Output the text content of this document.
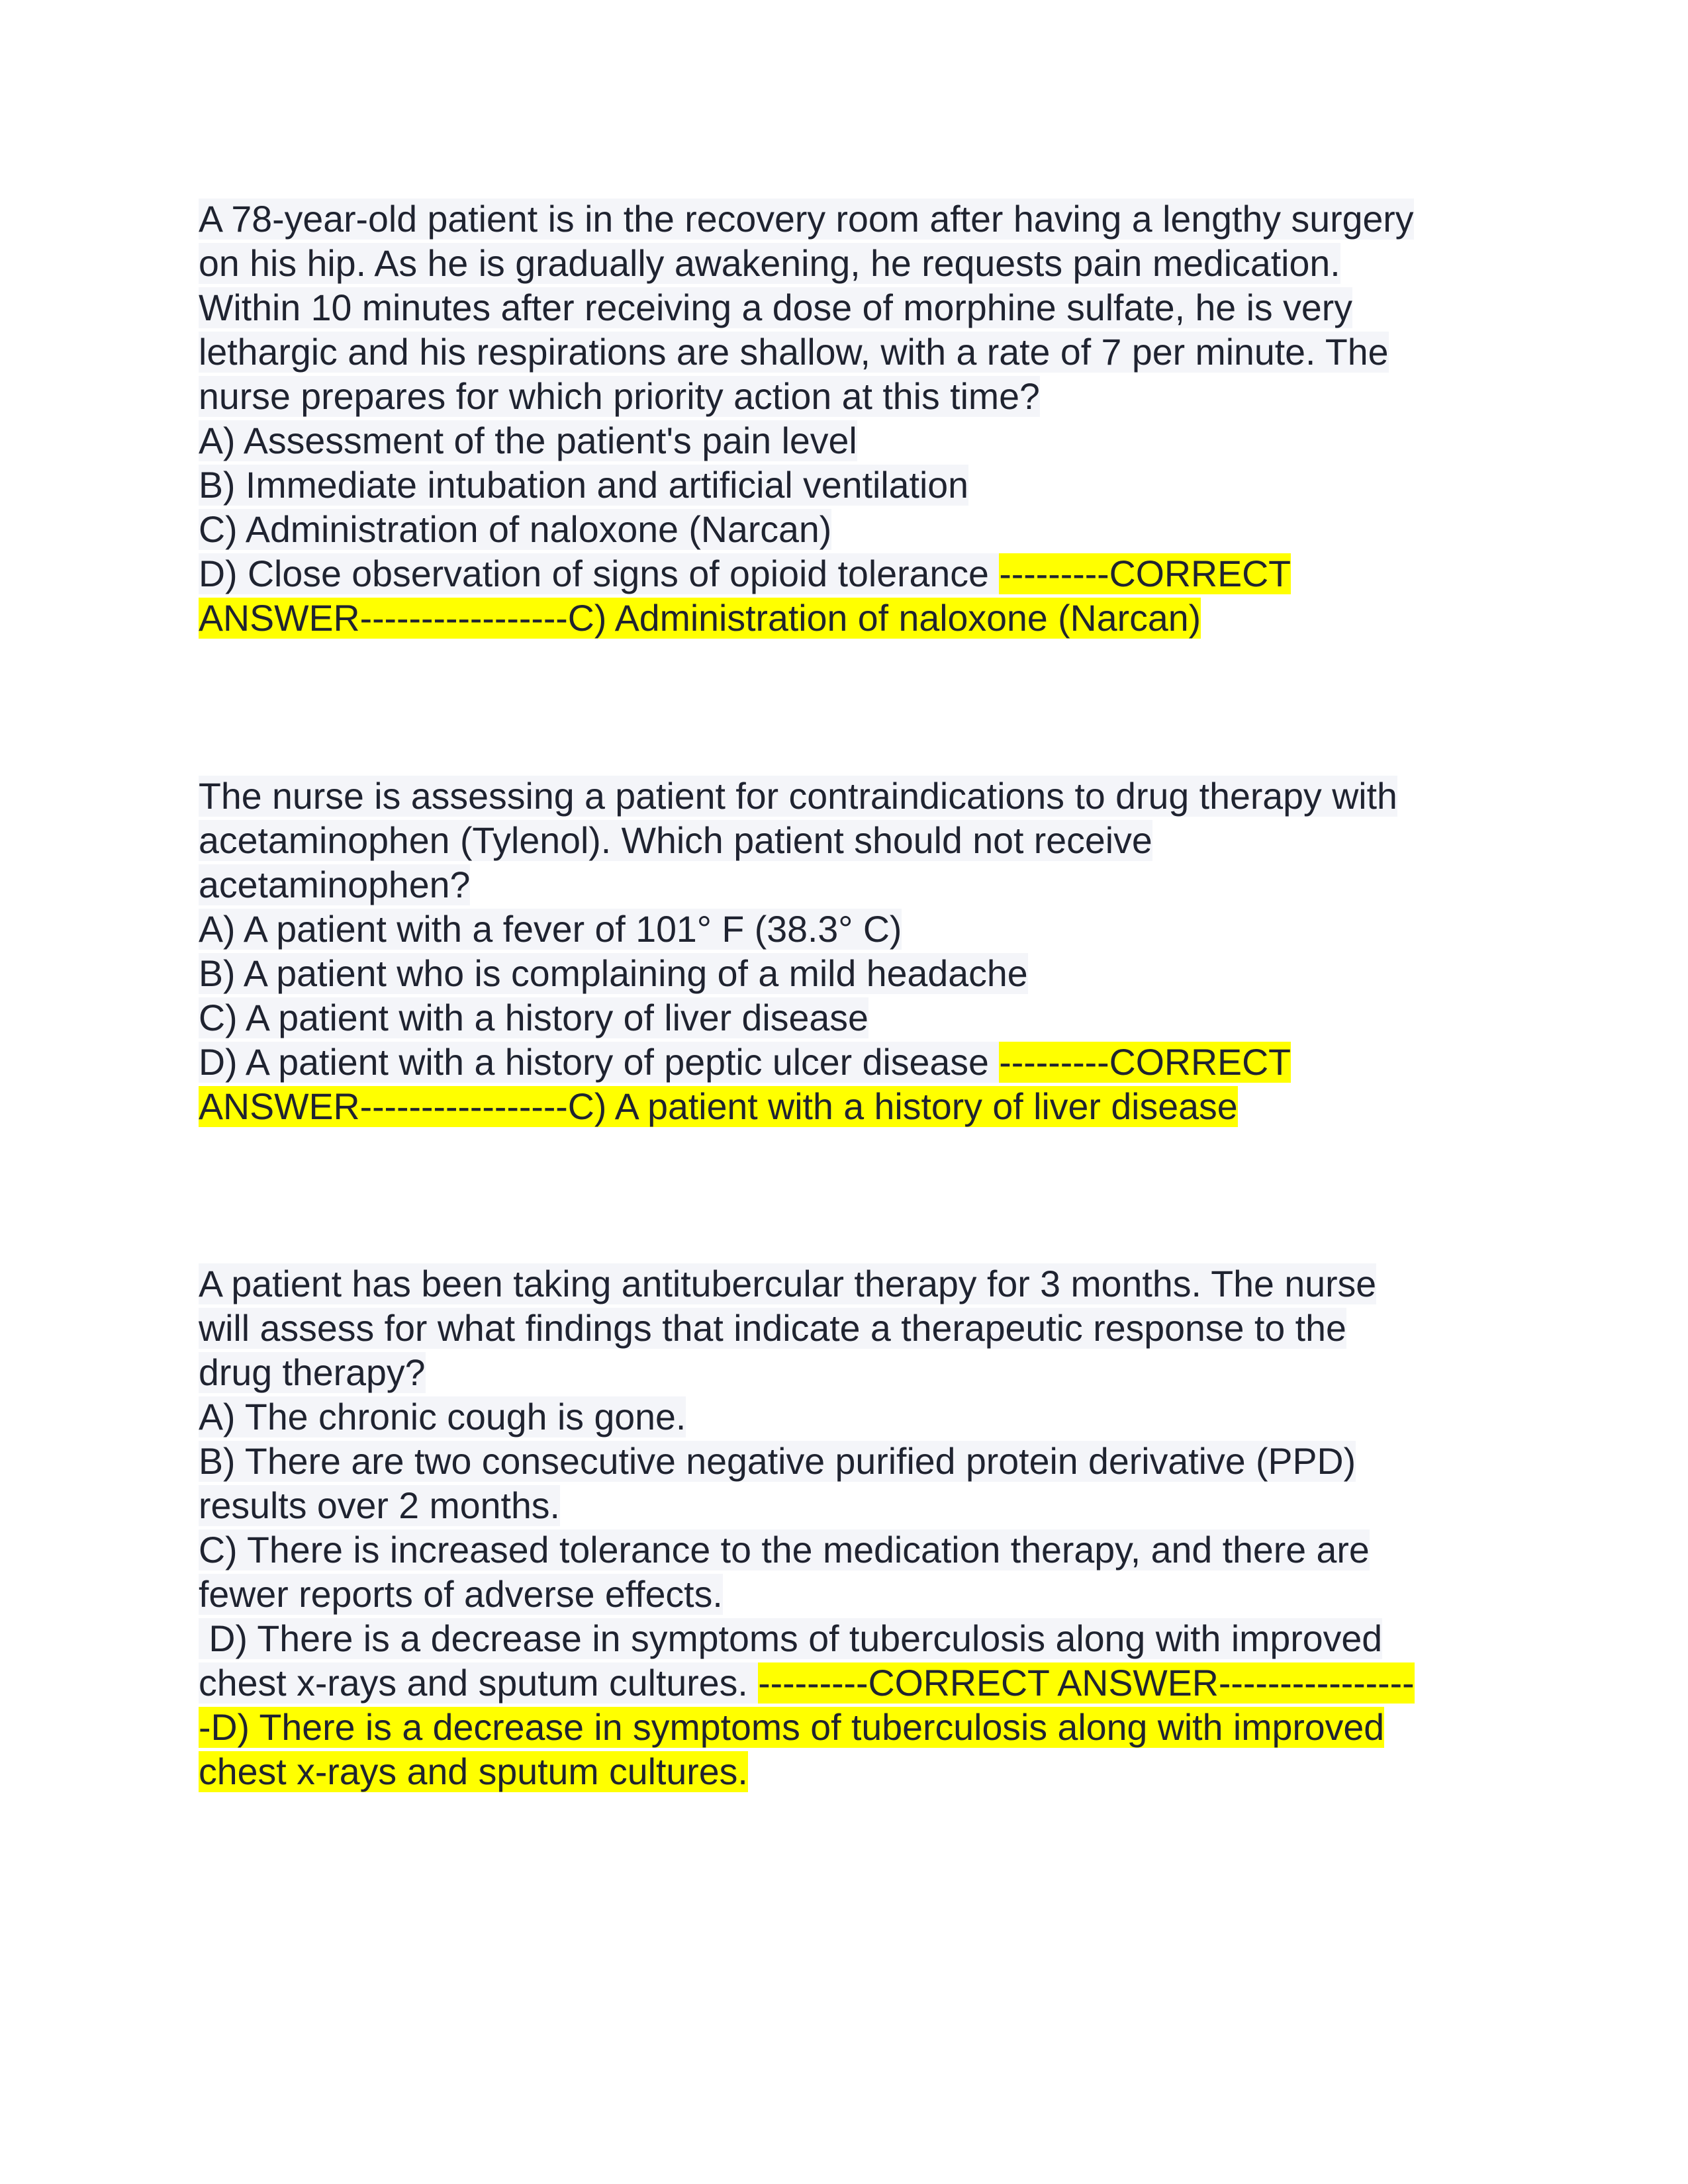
A 78-year-old patient is in the recovery room after having a lengthy surgery
on his hip. As he is gradually awakening, he requests pain medication.
Within 10 minutes after receiving a dose of morphine sulfate, he is very
lethargic and his respirations are shallow, with a rate of 7 per minute. The
nurse prepares for which priority action at this time?
A) Assessment of the patient's pain level
B) Immediate intubation and artificial ventilation
C) Administration of naloxone (Narcan)
D) Close observation of signs of opioid tolerance ---------CORRECT
ANSWER-----------------C) Administration of naloxone (Narcan)
The nurse is assessing a patient for contraindications to drug therapy with
acetaminophen (Tylenol). Which patient should not receive
acetaminophen?
A) A patient with a fever of 101° F (38.3° C)
B) A patient who is complaining of a mild headache
C) A patient with a history of liver disease
D) A patient with a history of peptic ulcer disease ---------CORRECT
ANSWER-----------------C) A patient with a history of liver disease
A patient has been taking antitubercular therapy for 3 months. The nurse
will assess for what findings that indicate a therapeutic response to the
drug therapy?
A) The chronic cough is gone.
B) There are two consecutive negative purified protein derivative (PPD)
results over 2 months.
C) There is increased tolerance to the medication therapy, and there are
fewer reports of adverse effects.
D) There is a decrease in symptoms of tuberculosis along with improved
chest x-rays and sputum cultures. ---------CORRECT ANSWER----------------
-D) There is a decrease in symptoms of tuberculosis along with improved
chest x-rays and sputum cultures.
